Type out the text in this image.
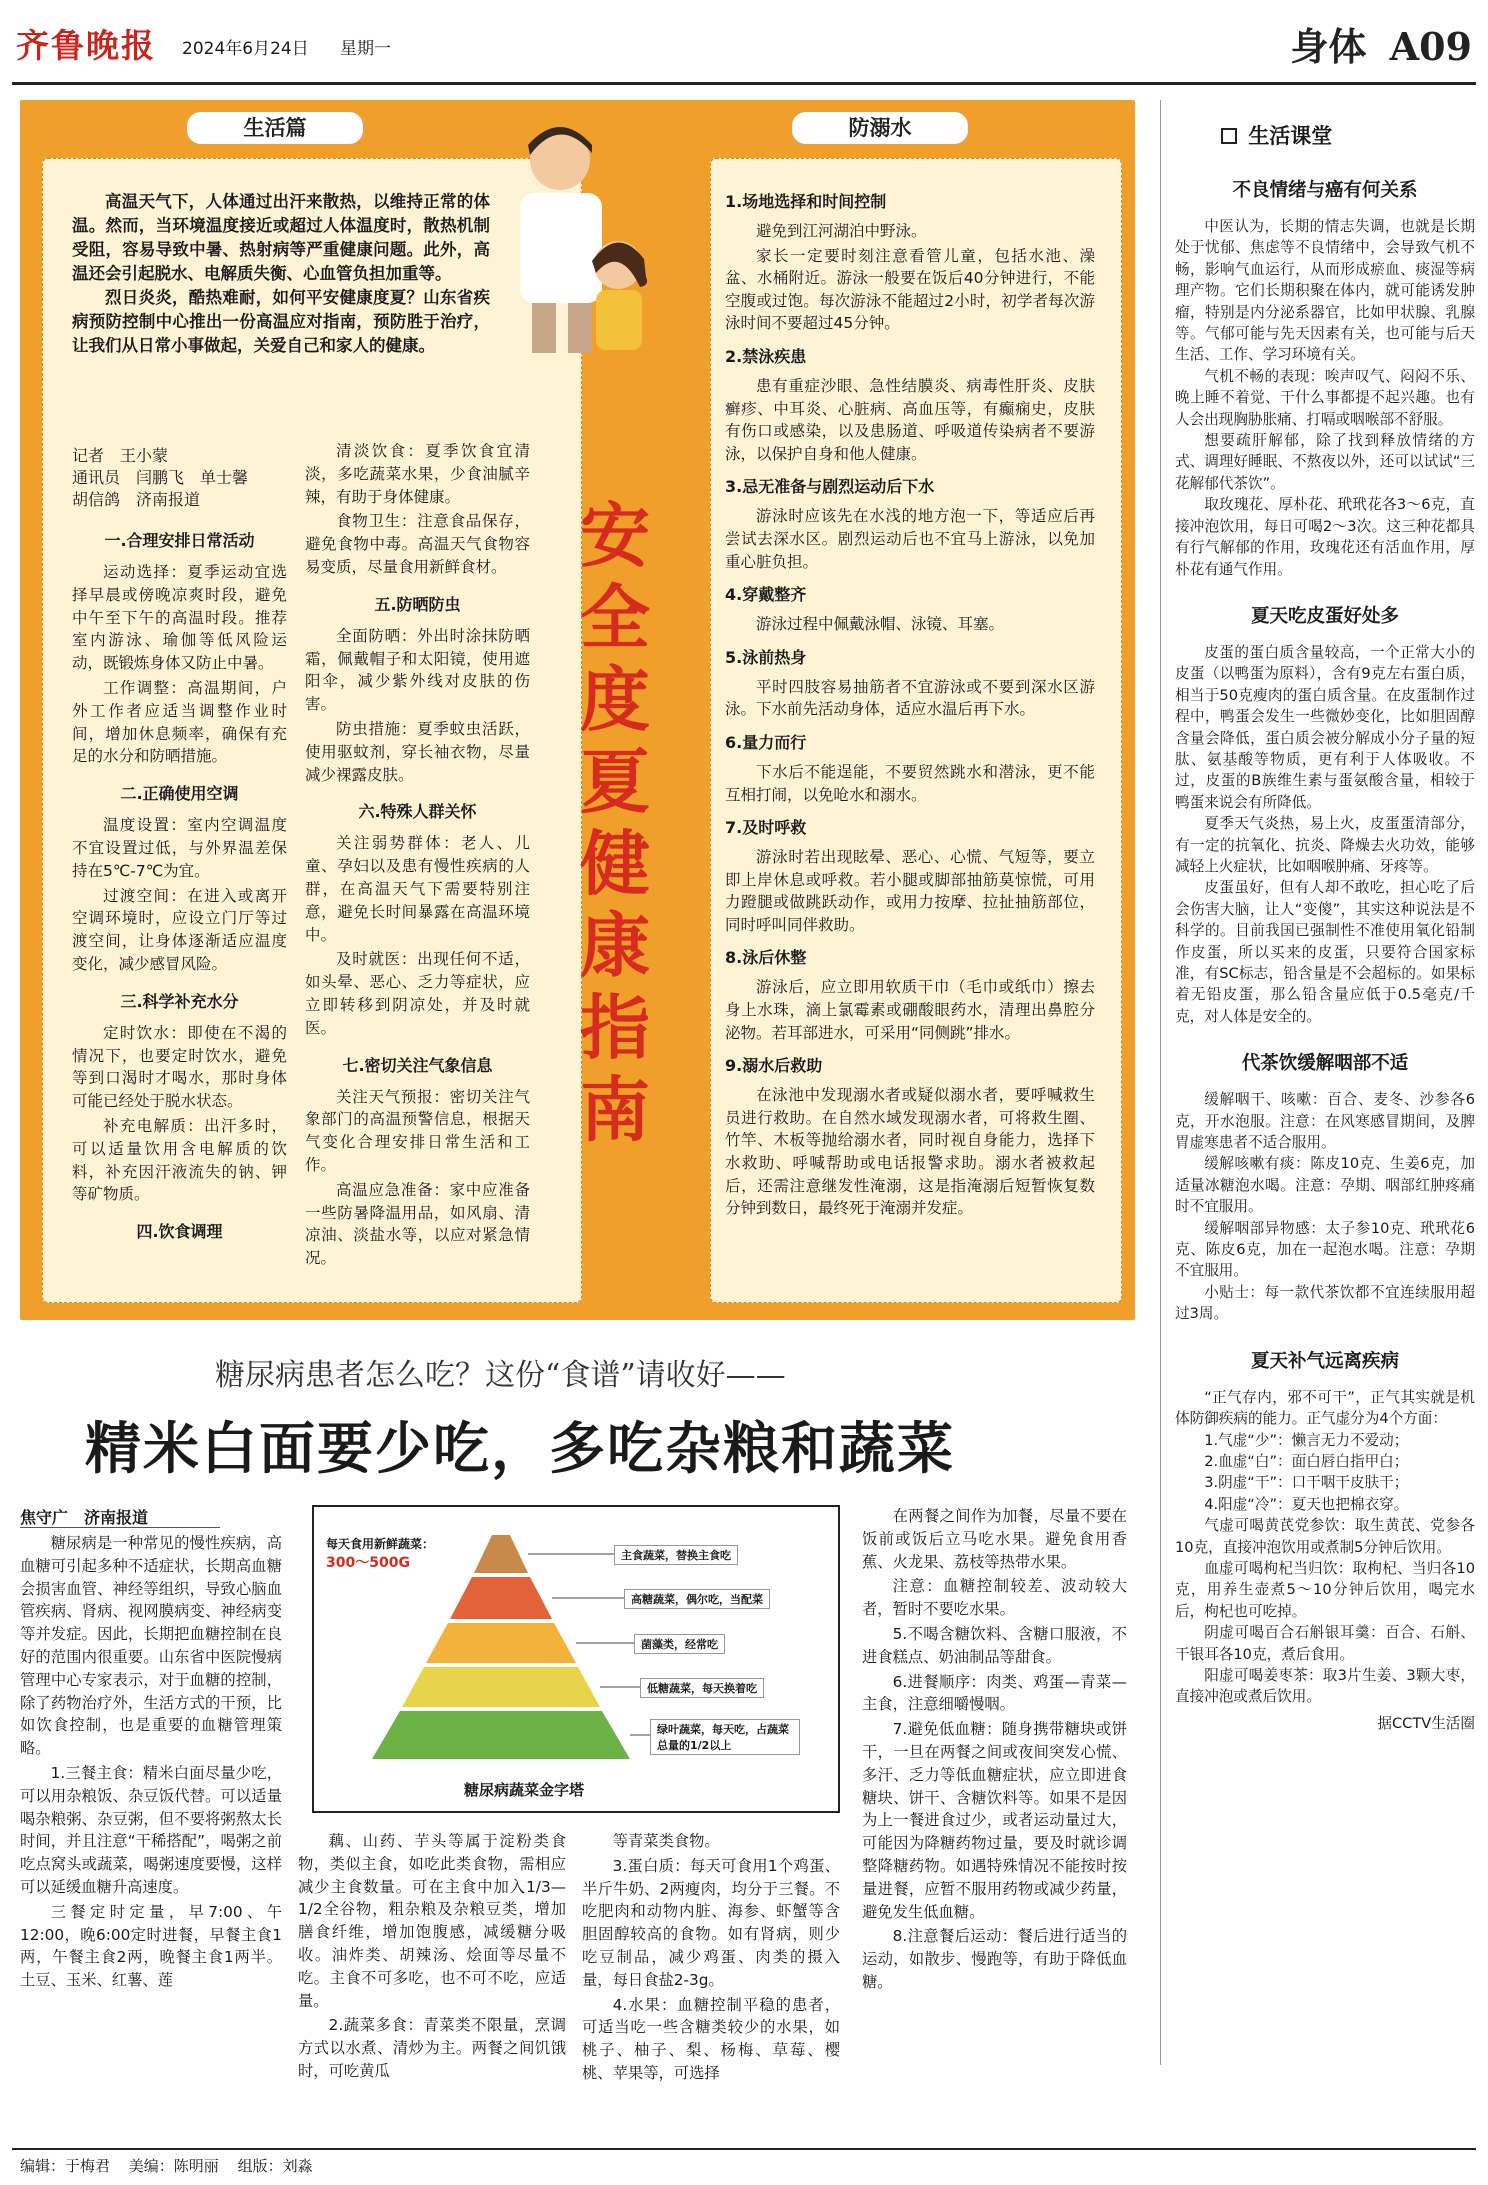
齐鲁晚报 2024年6月24日 星期一	身体 A09
生活篇	防溺水

高温天气下，人体通过出汗来散热，以维持正常的体温。然而，当环境温度接近或超过人体温度时，散热机制受阻，容易导致中暑、热射病等严重健康问题。此外，高温还会引起脱水、电解质失衡、心血管负担加重等。

烈日炎炎，酷热难耐，如何平安健康度夏？山东省疾病预防控制中心推出一份高温应对指南，预防胜于治疗，让我们从日常小事做起，关爱自己和家人的健康。

记者　王小蒙
通讯员　闫鹏飞　单士馨
胡信鸽　济南报道
一.合理安排日常活动

运动选择：夏季运动宜选择早晨或傍晚凉爽时段，避免中午至下午的高温时段。推荐室内游泳、瑜伽等低风险运动，既锻炼身体又防止中暑。

工作调整：高温期间，户外工作者应适当调整作业时间，增加休息频率，确保有充足的水分和防晒措施。

二.正确使用空调

温度设置：室内空调温度不宜设置过低，与外界温差保持在5℃-7℃为宜。

过渡空间：在进入或离开空调环境时，应设立门厅等过渡空间，让身体逐渐适应温度变化，减少感冒风险。

三.科学补充水分

定时饮水：即使在不渴的情况下，也要定时饮水，避免等到口渴时才喝水，那时身体可能已经处于脱水状态。

补充电解质：出汗多时，可以适量饮用含电解质的饮料，补充因汗液流失的钠、钾等矿物质。

四.饮食调理

清淡饮食：夏季饮食宜清淡，多吃蔬菜水果，少食油腻辛辣，有助于身体健康。

食物卫生：注意食品保存，避免食物中毒。高温天气食物容易变质，尽量食用新鲜食材。

五.防晒防虫

全面防晒：外出时涂抹防晒霜，佩戴帽子和太阳镜，使用遮阳伞，减少紫外线对皮肤的伤害。

防虫措施：夏季蚊虫活跃，使用驱蚊剂，穿长袖衣物，尽量减少裸露皮肤。

六.特殊人群关怀

关注弱势群体：老人、儿童、孕妇以及患有慢性疾病的人群，在高温天气下需要特别注意，避免长时间暴露在高温环境中。

及时就医：出现任何不适，如头晕、恶心、乏力等症状，应立即转移到阴凉处，并及时就医。

七.密切关注气象信息

关注天气预报：密切关注气象部门的高温预警信息，根据天气变化合理安排日常生活和工作。

高温应急准备：家中应准备一些防暑降温用品，如风扇、清凉油、淡盐水等，以应对紧急情况。

安全度夏健康指南
1.场地选择和时间控制

避免到江河湖泊中野泳。

家长一定要时刻注意看管儿童，包括水池、澡盆、水桶附近。游泳一般要在饭后40分钟进行，不能空腹或过饱。每次游泳不能超过2小时，初学者每次游泳时间不要超过45分钟。

2.禁泳疾患

患有重症沙眼、急性结膜炎、病毒性肝炎、皮肤癣疹、中耳炎、心脏病、高血压等，有癫痫史，皮肤有伤口或感染，以及患肠道、呼吸道传染病者不要游泳，以保护自身和他人健康。

3.忌无准备与剧烈运动后下水

游泳时应该先在水浅的地方泡一下，等适应后再尝试去深水区。剧烈运动后也不宜马上游泳，以免加重心脏负担。

4.穿戴整齐

游泳过程中佩戴泳帽、泳镜、耳塞。

5.泳前热身

平时四肢容易抽筋者不宜游泳或不要到深水区游泳。下水前先活动身体，适应水温后再下水。

6.量力而行

下水后不能逞能，不要贸然跳水和潜泳，更不能互相打闹，以免呛水和溺水。

7.及时呼救

游泳时若出现眩晕、恶心、心慌、气短等，要立即上岸休息或呼救。若小腿或脚部抽筋莫惊慌，可用力蹬腿或做跳跃动作，或用力按摩、拉扯抽筋部位，同时呼叫同伴救助。

8.泳后休整

游泳后，应立即用软质干巾（毛巾或纸巾）擦去身上水珠，滴上氯霉素或硼酸眼药水，清理出鼻腔分泌物。若耳部进水，可采用“同侧跳”排水。

9.溺水后救助

在泳池中发现溺水者或疑似溺水者，要呼喊救生员进行救助。在自然水域发现溺水者，可将救生圈、竹竿、木板等抛给溺水者，同时视自身能力，选择下水救助、呼喊帮助或电话报警求助。溺水者被救起后，还需注意继发性淹溺，这是指淹溺后短暂恢复数分钟到数日，最终死于淹溺并发症。

生活课堂
不良情绪与癌有何关系

中医认为，长期的情志失调，也就是长期处于忧郁、焦虑等不良情绪中，会导致气机不畅，影响气血运行，从而形成瘀血、痰湿等病理产物。它们长期积聚在体内，就可能诱发肿瘤，特别是内分泌系器官，比如甲状腺、乳腺等。气郁可能与先天因素有关，也可能与后天生活、工作、学习环境有关。

气机不畅的表现：唉声叹气、闷闷不乐、晚上睡不着觉、干什么事都提不起兴趣。也有人会出现胸胁胀痛、打嗝或咽喉部不舒服。

想要疏肝解郁，除了找到释放情绪的方式、调理好睡眠、不熬夜以外，还可以试试“三花解郁代茶饮”。

取玫瑰花、厚朴花、玳玳花各3～6克，直接冲泡饮用，每日可喝2～3次。这三种花都具有行气解郁的作用，玫瑰花还有活血作用，厚朴花有通气作用。

夏天吃皮蛋好处多

皮蛋的蛋白质含量较高，一个正常大小的皮蛋（以鸭蛋为原料），含有9克左右蛋白质，相当于50克瘦肉的蛋白质含量。在皮蛋制作过程中，鸭蛋会发生一些微妙变化，比如胆固醇含量会降低，蛋白质会被分解成小分子量的短肽、氨基酸等物质，更有利于人体吸收。不过，皮蛋的B族维生素与蛋氨酸含量，相较于鸭蛋来说会有所降低。

夏季天气炎热，易上火，皮蛋蛋清部分，有一定的抗氧化、抗炎、降燥去火功效，能够减轻上火症状，比如咽喉肿痛、牙疼等。

皮蛋虽好，但有人却不敢吃，担心吃了后会伤害大脑，让人“变傻”，其实这种说法是不科学的。目前我国已强制性不准使用氧化铅制作皮蛋，所以买来的皮蛋，只要符合国家标准，有SC标志，铅含量是不会超标的。如果标着无铅皮蛋，那么铅含量应低于0.5毫克/千克，对人体是安全的。

代茶饮缓解咽部不适

缓解咽干、咳嗽：百合、麦冬、沙参各6克，开水泡服。注意：在风寒感冒期间，及脾胃虚寒患者不适合服用。

缓解咳嗽有痰：陈皮10克、生姜6克，加适量冰糖泡水喝。注意：孕期、咽部红肿疼痛时不宜服用。

缓解咽部异物感：太子参10克、玳玳花6克、陈皮6克，加在一起泡水喝。注意：孕期不宜服用。

小贴士：每一款代茶饮都不宜连续服用超过3周。

夏天补气远离疾病

“正气存内，邪不可干”，正气其实就是机体防御疾病的能力。正气虚分为4个方面：

1.气虚“少”：懒言无力不爱动；

2.血虚“白”：面白唇白指甲白；

3.阴虚“干”：口干咽干皮肤干；

4.阳虚“冷”：夏天也把棉衣穿。

气虚可喝黄芪党参饮：取生黄芪、党参各10克，直接冲泡饮用或煮制5分钟后饮用。

血虚可喝枸杞当归饮：取枸杞、当归各10克，用养生壶煮5～10分钟后饮用，喝完水后，枸杞也可吃掉。

阴虚可喝百合石斛银耳羹：百合、石斛、干银耳各10克，煮后食用。

阳虚可喝姜枣茶：取3片生姜、3颗大枣，直接冲泡或煮后饮用。

据CCTV生活圈
糖尿病患者怎么吃？这份“食谱”请收好——
精米白面要少吃，多吃杂粮和蔬菜
焦守广　济南报道

糖尿病是一种常见的慢性疾病，高血糖可引起多种不适症状，长期高血糖会损害血管、神经等组织，导致心脑血管疾病、肾病、视网膜病变、神经病变等并发症。因此，长期把血糖控制在良好的范围内很重要。山东省中医院慢病管理中心专家表示，对于血糖的控制，除了药物治疗外，生活方式的干预，比如饮食控制，也是重要的血糖管理策略。

1.三餐主食：精米白面尽量少吃，可以用杂粮饭、杂豆饭代替。可以适量喝杂粮粥、杂豆粥，但不要将粥熬太长时间，并且注意“干稀搭配”，喝粥之前吃点窝头或蔬菜，喝粥速度要慢，这样可以延缓血糖升高速度。

三餐定时定量，早7:00、午12:00，晚6:00定时进餐，早餐主食1两，午餐主食2两，晚餐主食1两半。土豆、玉米、红薯、莲

藕、山药、芋头等属于淀粉类食物，类似主食，如吃此类食物，需相应减少主食数量。可在主食中加入1/3—1/2全谷物，粗杂粮及杂粮豆类，增加膳食纤维，增加饱腹感，减缓糖分吸收。油炸类、胡辣汤、烩面等尽量不吃。主食不可多吃，也不可不吃，应适量。

2.蔬菜多食：青菜类不限量，烹调方式以水煮、清炒为主。两餐之间饥饿时，可吃黄瓜

等青菜类食物。

3.蛋白质：每天可食用1个鸡蛋、半斤牛奶、2两瘦肉，均分于三餐。不吃肥肉和动物内脏、海参、虾蟹等含胆固醇较高的食物。如有肾病，则少吃豆制品，减少鸡蛋、肉类的摄入量，每日食盐2-3g。

4.水果：血糖控制平稳的患者，可适当吃一些含糖类较少的水果，如桃子、柚子、梨、杨梅、草莓、樱桃、苹果等，可选择

在两餐之间作为加餐，尽量不要在饭前或饭后立马吃水果。避免食用香蕉、火龙果、荔枝等热带水果。

注意：血糖控制较差、波动较大者，暂时不要吃水果。

5.不喝含糖饮料、含糖口服液，不进食糕点、奶油制品等甜食。

6.进餐顺序：肉类、鸡蛋—青菜—主食，注意细嚼慢咽。

7.避免低血糖：随身携带糖块或饼干，一旦在两餐之间或夜间突发心慌、多汗、乏力等低血糖症状，应立即进食糖块、饼干、含糖饮料等。如果不是因为上一餐进食过少，或者运动量过大，可能因为降糖药物过量，要及时就诊调整降糖药物。如遇特殊情况不能按时按量进餐，应暂不服用药物或减少药量，避免发生低血糖。

8.注意餐后运动：餐后进行适当的运动，如散步、慢跑等，有助于降低血糖。

每天食用新鲜蔬菜：
300～500G	主食蔬菜，替换主食吃
高糖蔬菜，偶尔吃，当配菜
菌藻类，经常吃
低糖蔬菜，每天换着吃
绿叶蔬菜，每天吃，占蔬菜总量的1/2以上
糖尿病蔬菜金字塔
编辑：于梅君 美编：陈明丽 组版：刘淼
